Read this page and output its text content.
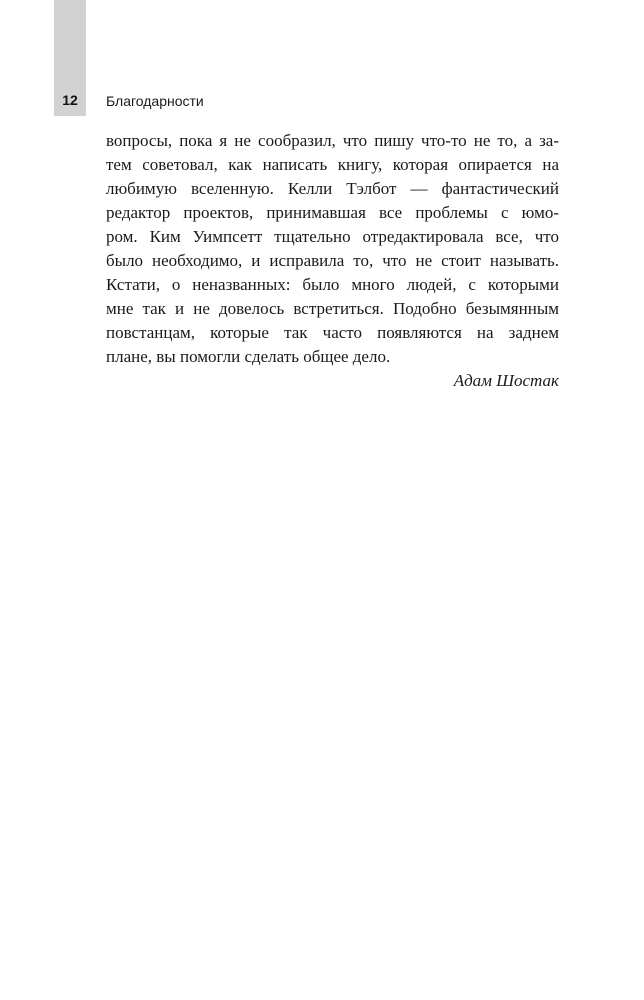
12	Благодарности
вопросы, пока я не сообразил, что пишу что-то не то, а за-
тем советовал, как написать книгу, которая опирается на
любимую вселенную. Келли Тэлбот — фантастический
редактор проектов, принимавшая все проблемы с юмо-
ром. Ким Уимпсетт тщательно отредактировала все, что
было необходимо, и исправила то, что не стоит называть.
Кстати, о неназванных: было много людей, с которыми
мне так и не довелось встретиться. Подобно безымянным
повстанцам, которые так часто появляются на заднем
плане, вы помогли сделать общее дело.
Адам Шостак
